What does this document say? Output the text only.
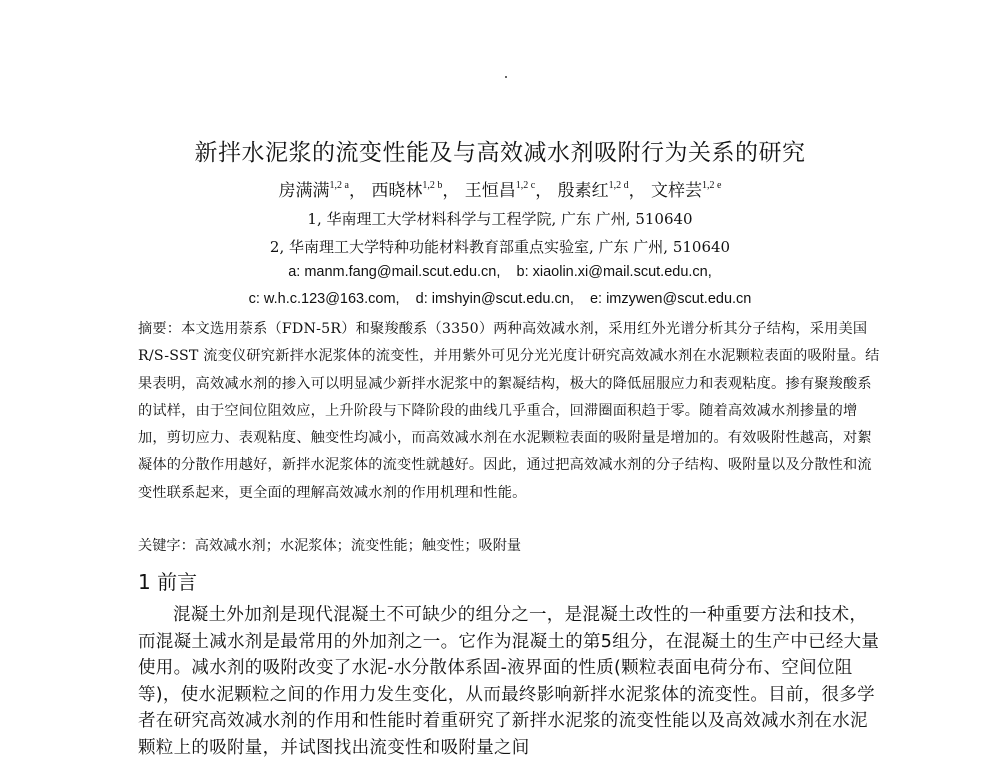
新拌水泥浆的流变性能及与高效减水剂吸附行为关系的研究
房满满$^{1,2 a}$， 西晓林$^{1,2 b}$， 王恒昌$^{1,2 c}$， 殷素红$^{1,2 d}$， 文梓芸$^{1,2 e}$
1, 华南理工大学材料科学与工程学院, 广东 广州, 510640
2, 华南理工大学特种功能材料教育部重点实验室, 广东 广州, 510640
a: manm.fang@mail.scut.edu.cn,    b: xiaolin.xi@mail.scut.edu.cn,
c: w.h.c.123@163.com,    d: imshyin@scut.edu.cn,    e: imzywen@scut.edu.cn
摘要：本文选用萘系（FDN-5R）和聚羧酸系（3350）两种高效减水剂，采用红外光谱分析其分子结构，采用美国 R/S-SST 流变仪研究新拌水泥浆体的流变性，并用紫外可见分光光度计研究高效减水剂在水泥颗粒表面的吸附量。结果表明，高效减水剂的掺入可以明显减少新拌水泥浆中的絮凝结构，极大的降低屈服应力和表观粘度。掺有聚羧酸系的试样，由于空间位阻效应，上升阶段与下降阶段的曲线几乎重合，回滞圈面积趋于零。随着高效减水剂掺量的增加，剪切应力、表观粘度、触变性均减小，而高效减水剂在水泥颗粒表面的吸附量是增加的。有效吸附性越高，对絮凝体的分散作用越好，新拌水泥浆体的流变性就越好。因此，通过把高效减水剂的分子结构、吸附量以及分散性和流变性联系起来，更全面的理解高效减水剂的作用机理和性能。
关键字：高效减水剂；水泥浆体；流变性能；触变性；吸附量
1 前言
混凝土外加剂是现代混凝土不可缺少的组分之一，是混凝土改性的一种重要方法和技术，而混凝土减水剂是最常用的外加剂之一。它作为混凝土的第5组分，在混凝土的生产中已经大量使用。减水剂的吸附改变了水泥-水分散体系固-液界面的性质(颗粒表面电荷分布、空间位阻等)，使水泥颗粒之间的作用力发生变化，从而最终影响新拌水泥浆体的流变性。目前，很多学者在研究高效减水剂的作用和性能时着重研究了新拌水泥浆的流变性能以及高效减水剂在水泥颗粒上的吸附量，并试图找出流变性和吸附量之间
